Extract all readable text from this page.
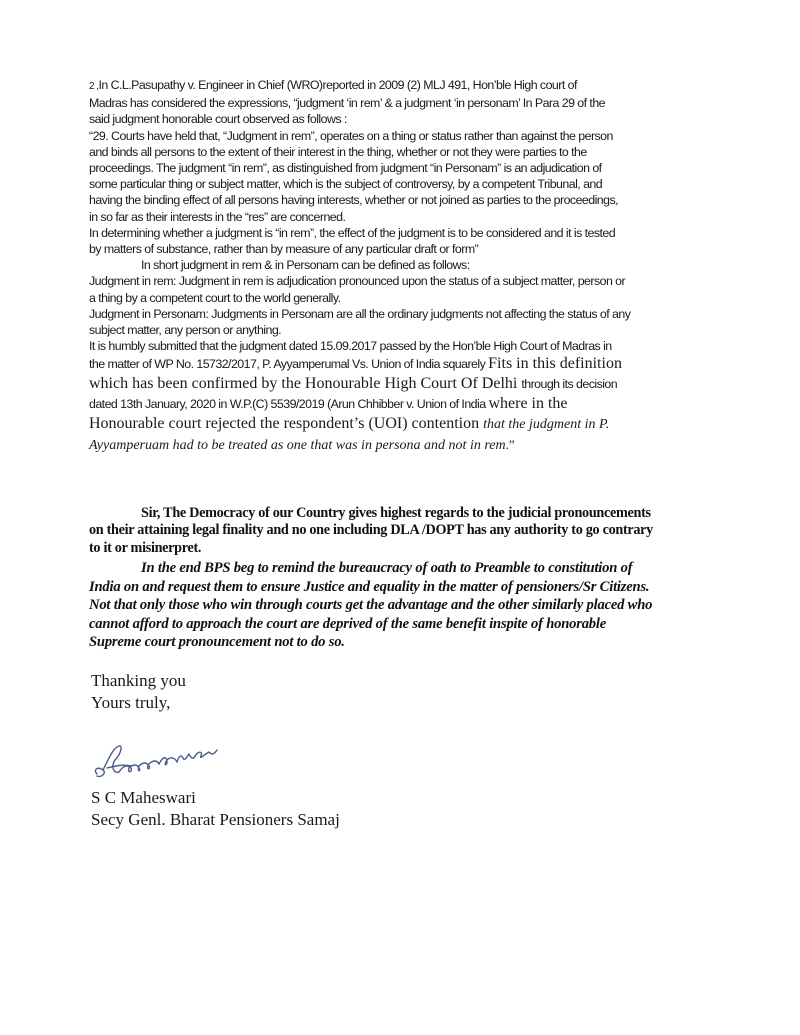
2 ,In C.L.Pasupathy v. Engineer in Chief (WRO)reported in 2009 (2) MLJ 491, Hon’ble High court of
Madras has considered the expressions, “judgment ‘in rem’ & a judgment ‘in personam’ In Para 29 of the
said judgment honorable court observed as follows :
“29. Courts have held that, “Judgment in rem”, operates on a thing or status rather than against the person
and binds all persons to the extent of their interest in the thing, whether or not they were parties to the
proceedings. The judgment “in rem”, as distinguished from judgment “in Personam” is an adjudication of
some particular thing or subject matter, which is the subject of controversy, by a competent Tribunal, and
having the binding effect of all persons having interests, whether or not joined as parties to the proceedings,
in so far as their interests in the “res” are concerned.
In determining whether a judgment is “in rem”, the effect of the judgment is to be considered and it is tested
by matters of substance, rather than by measure of any particular draft or form”
In short judgment in rem & in Personam can be defined as follows:
Judgment in rem: Judgment in rem is adjudication pronounced upon the status of a subject matter, person or
a thing by a competent court to the world generally.
Judgment in Personam: Judgments in Personam are all the ordinary judgments not affecting the status of any
subject matter, any person or anything.
It is humbly submitted that the judgment dated 15.09.2017 passed by the Hon’ble High Court of Madras in
the matter of WP No. 15732/2017, P. Ayyamperumal Vs. Union of India squarely Fits in this definition
which has been confirmed by the Honourable High Court Of Delhi through its decision
dated 13th January, 2020 in W.P.(C) 5539/2019 (Arun Chhibber v. Union of India where in the
Honourable court rejected the respondent’s (UOI) contention that the judgment in P.
Ayyamperuam had to be treated as one that was in persona and not in rem.”
Sir, The Democracy of our Country gives highest regards to the judicial pronouncements
on their attaining legal finality and no one including DLA /DOPT has any authority to go contrary
to it or misinerpret.
In the end BPS beg to remind the bureaucracy of oath to Preamble to constitution of
India on and request them to ensure Justice and equality in the matter of pensioners/Sr Citizens.
Not that only those who win through courts get the advantage and the other similarly placed who
cannot afford to approach the court are deprived of the same benefit inspite of honorable
Supreme court pronouncement not to do so.
Thanking you
Yours truly,
S C Maheswari
Secy Genl. Bharat Pensioners Samaj
